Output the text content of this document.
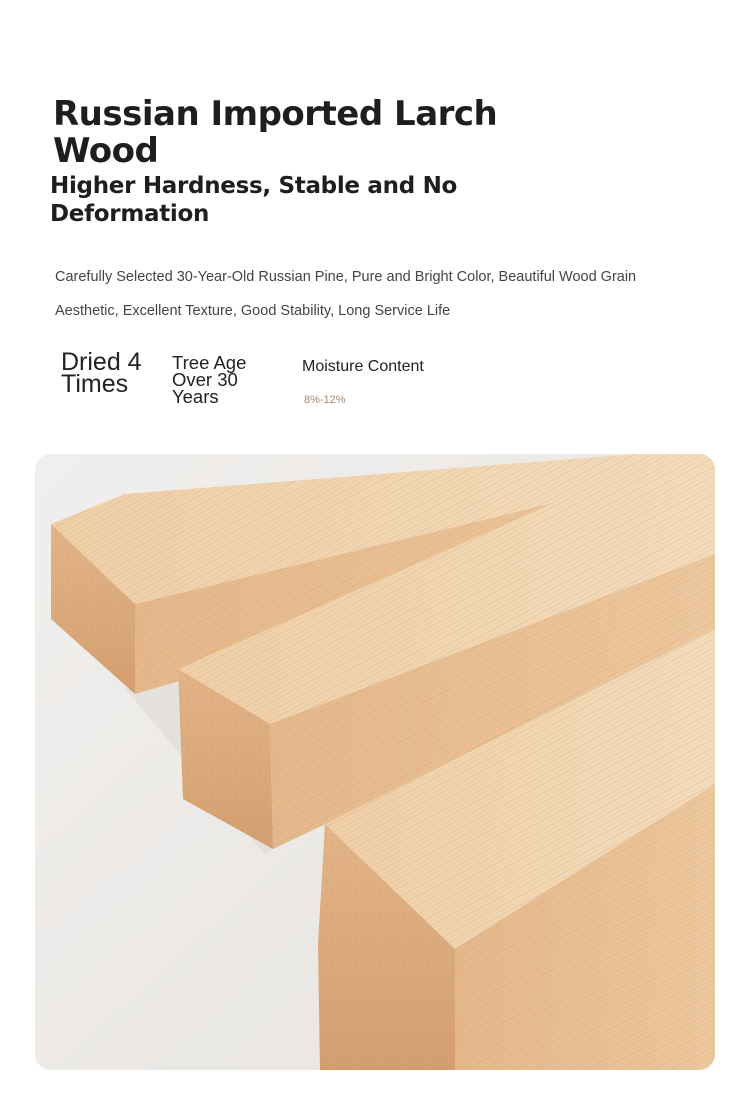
Russian Imported Larch Wood
Higher Hardness, Stable and No Deformation

Carefully Selected 30-Year-Old Russian Pine, Pure and Bright Color, Beautiful Wood Grain Aesthetic, Excellent Texture, Good Stability, Long Service Life

Dried 4 Times
Tree Age Over 30 Years
Moisture Content
8%-12%
